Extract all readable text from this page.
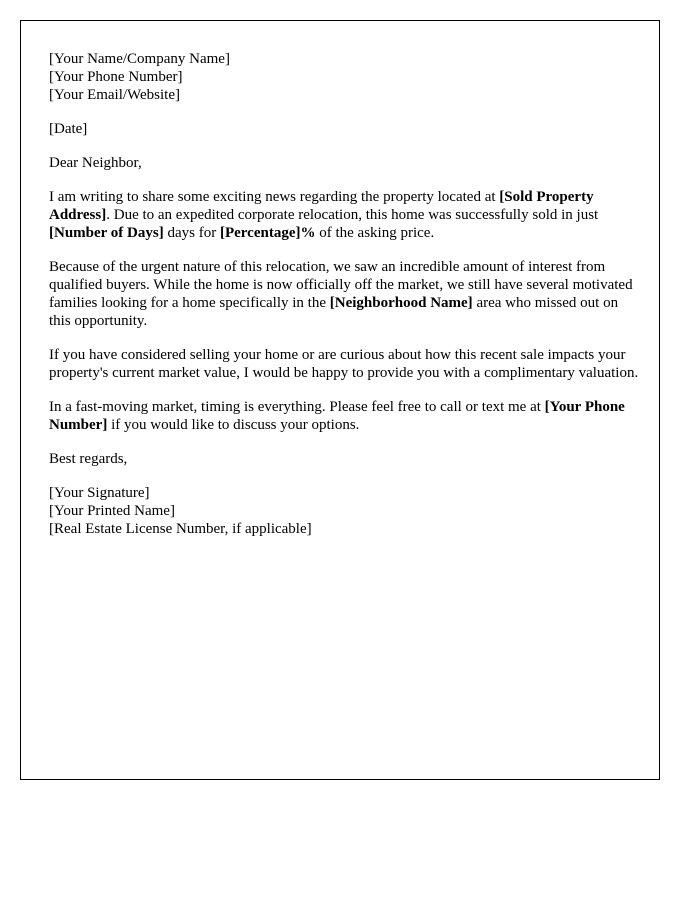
[Your Name/Company Name]
[Your Phone Number]
[Your Email/Website]

[Date]

Dear Neighbor,

I am writing to share some exciting news regarding the property located at [Sold Property Address]. Due to an expedited corporate relocation, this home was successfully sold in just [Number of Days] days for [Percentage]% of the asking price.

Because of the urgent nature of this relocation, we saw an incredible amount of interest from qualified buyers. While the home is now officially off the market, we still have several motivated families looking for a home specifically in the [Neighborhood Name] area who missed out on this opportunity.

If you have considered selling your home or are curious about how this recent sale impacts your property's current market value, I would be happy to provide you with a complimentary valuation.

In a fast-moving market, timing is everything. Please feel free to call or text me at [Your Phone Number] if you would like to discuss your options.

Best regards,

[Your Signature]
[Your Printed Name]
[Real Estate License Number, if applicable]
